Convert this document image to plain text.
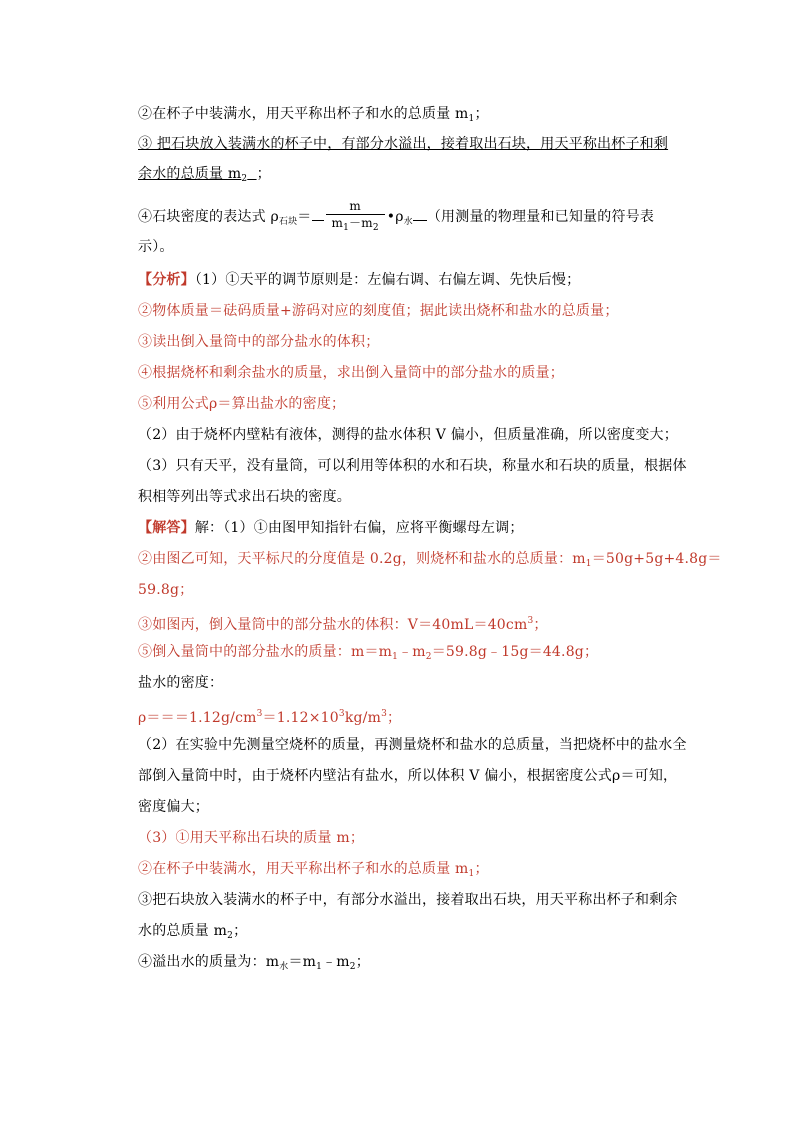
②在杯子中装满水，用天平称出杯子和水的总质量 $m_1$；
③ 把石块放入装满水的杯子中，有部分水溢出，接着取出石块，用天平称出杯子和剩
余水的总质量 $m_2$ ；
④石块密度的表达式 $\rho_{石块}= \frac{m}{m_1-m_2}$ $•\rho_水$ （用测量的物理量和已知量的符号表
示）。
【分析】（1）①天平的调节原则是：左偏右调、右偏左调、先快后慢；
②物体质量＝砝码质量+游码对应的刻度值；据此读出烧杯和盐水的总质量；
③读出倒入量筒中的部分盐水的体积；
④根据烧杯和剩余盐水的质量，求出倒入量筒中的部分盐水的质量；
⑤利用公式ρ＝算出盐水的密度；
（2）由于烧杯内壁粘有液体，测得的盐水体积 V 偏小，但质量准确，所以密度变大；
（3）只有天平，没有量筒，可以利用等体积的水和石块，称量水和石块的质量，根据体
积相等列出等式求出石块的密度。
【解答】解：（1）①由图甲知指针右偏，应将平衡螺母左调；
②由图乙可知，天平标尺的分度值是 0.2g，则烧杯和盐水的总质量：$m_1=50g+5g+4.8g=$
59.8g；
③如图丙，倒入量筒中的部分盐水的体积：$V=40mL=40cm^3$；
⑤倒入量筒中的部分盐水的质量：$m=m_1﹣m_2=59.8g﹣15g=44.8g$；
盐水的密度：
$\rho===1.12g/cm^3=1.12\times 10^3kg/m^3$；
（2）在实验中先测量空烧杯的质量，再测量烧杯和盐水的总质量，当把烧杯中的盐水全
部倒入量筒中时，由于烧杯内壁沾有盐水，所以体积 V 偏小，根据密度公式ρ＝可知，
密度偏大；
（3）①用天平称出石块的质量 m；
②在杯子中装满水，用天平称出杯子和水的总质量 $m_1$；
③把石块放入装满水的杯子中，有部分水溢出，接着取出石块，用天平称出杯子和剩余
水的总质量 $m_2$；
④溢出水的质量为：$m_水=m_1﹣m_2$；
